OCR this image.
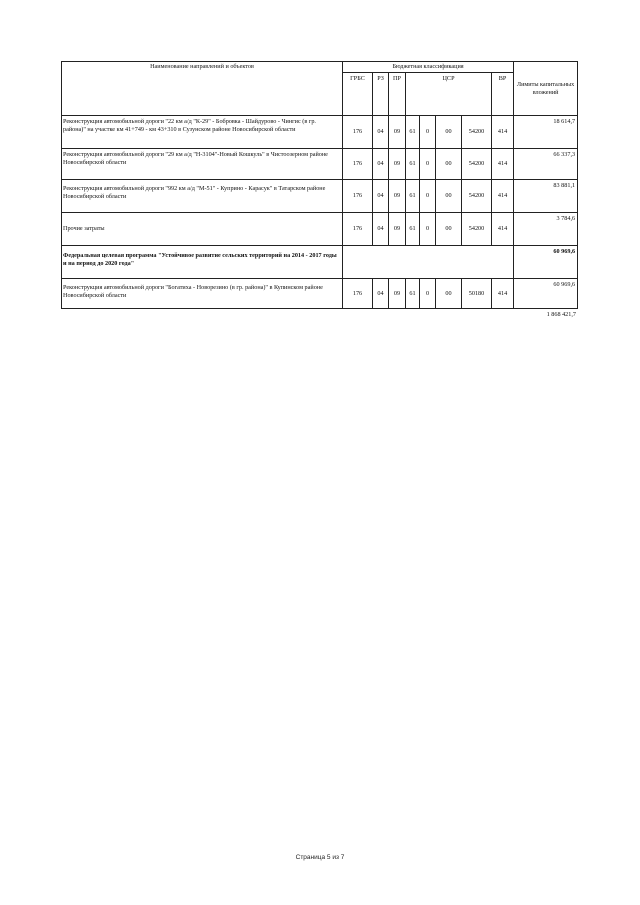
Наименование направлений и объектов	Бюджетная классификация								Лимиты капитальных вложений
	ГРБС	РЗ	ПР	ЦСР				ВР	
Реконструкция автомобильной дороги "22 км а/д "К-29" - Бобровка - Шайдурово - Чингис (в гр. района)" на участке км 41+749 - км 43+310 в Сузунском районе Новосибирской области	176	04	09	61	0	00	54200	414	18 614,7
Реконструкция автомобильной дороги "29 км а/д "Н-3104"-Новый Кошкуль" в Чистоозерном районе Новосибирской области	176	04	09	61	0	00	54200	414	66 337,3
Реконструкция автомобильной дороги "992 км а/д "М-51" - Куприно - Карасук" в Татарском районе Новосибирской области	176	04	09	61	0	00	54200	414	83 881,1
Прочие затраты	176	04	09	61	0	00	54200	414	3 784,6
Федеральная целевая программа "Устойчивое развитие сельских территорий на 2014 - 2017 годы и на период до 2020 года"									60 969,6
Реконструкция автомобильной дороги "Богатиха - Новорезино (в гр. района)" в Купинском районе Новосибирской области	176	04	09	61	0	00	50180	414	60 969,6
1 868 421,7
Страница 5 из 7
